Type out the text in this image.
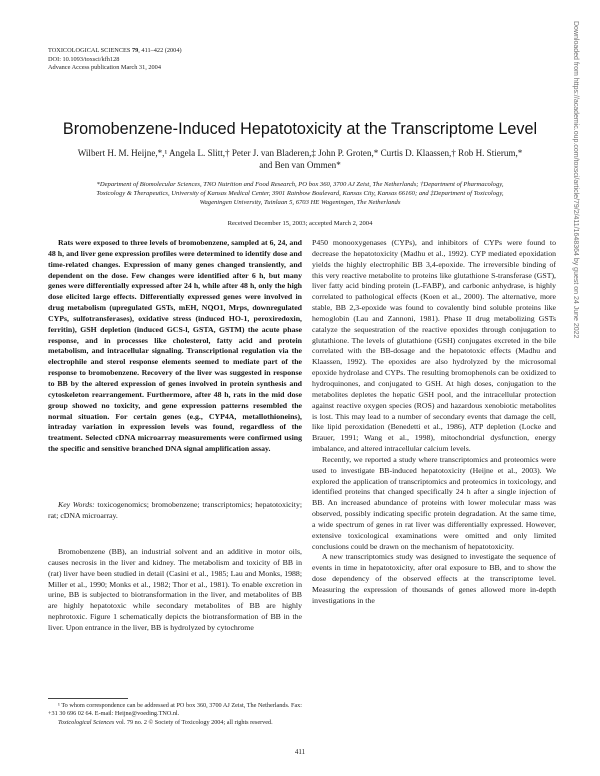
TOXICOLOGICAL SCIENCES 79, 411–422 (2004)
DOI: 10.1093/toxsci/kfh128
Advance Access publication March 31, 2004
Bromobenzene-Induced Hepatotoxicity at the Transcriptome Level
Wilbert H. M. Heijne,*,¹ Angela L. Slitt,† Peter J. van Bladeren,‡ John P. Groten,* Curtis D. Klaassen,† Rob H. Stierum,*
and Ben van Ommen*
*Department of Biomolecular Sciences, TNO Nutrition and Food Research, PO box 360, 3700 AJ Zeist, The Netherlands; †Department of Pharmacology,
Toxicology & Therapeutics, University of Kansas Medical Center, 3901 Rainbow Boulevard, Kansas City, Kansas 66160; and ‡Department of Toxicology,
Wageningen University, Tuinlaan 5, 6703 HE Wageningen, The Netherlands
Received December 15, 2003; accepted March 2, 2004

Rats were exposed to three levels of bromobenzene, sampled at 6, 24, and 48 h, and liver gene expression profiles were determined to identify dose and time-related changes. Expression of many genes changed transiently, and dependent on the dose. Few changes were identified after 6 h, but many genes were differentially expressed after 24 h, while after 48 h, only the high dose elicited large effects. Differentially expressed genes were involved in drug metabolism (upregulated GSTs, mEH, NQO1, Mrps, downregulated CYPs, sulfotransferases), oxidative stress (induced HO-1, peroxiredoxin, ferritin), GSH depletion (induced GCS-l, GSTA, GSTM) the acute phase response, and in processes like cholesterol, fatty acid and protein metabolism, and intracellular signaling. Transcriptional regulation via the electrophile and sterol response elements seemed to mediate part of the response to bromobenzene. Recovery of the liver was suggested in response to BB by the altered expression of genes involved in protein synthesis and cytoskeleton rearrangement. Furthermore, after 48 h, rats in the mid dose group showed no toxicity, and gene expression patterns resembled the normal situation. For certain genes (e.g., CYP4A, metallothioneins), intraday variation in expression levels was found, regardless of the treatment. Selected cDNA microarray measurements were confirmed using the specific and sensitive branched DNA signal amplification assay.

Key Words: toxicogenomics; bromobenzene; transcriptomics; hepatotoxicity; rat; cDNA microarray.

Bromobenzene (BB), an industrial solvent and an additive in motor oils, causes necrosis in the liver and kidney. The metabolism and toxicity of BB in (rat) liver have been studied in detail (Casini et al., 1985; Lau and Monks, 1988; Miller et al., 1990; Monks et al., 1982; Thor et al., 1981). To enable excretion in urine, BB is subjected to biotransformation in the liver, and metabolites of BB are highly hepatotoxic while secondary metabolites of BB are highly nephrotoxic. Figure 1 schematically depicts the biotransformation of BB in the liver. Upon entrance in the liver, BB is hydrolyzed by cytochrome

¹ To whom correspondence can be addressed at PO box 360, 3700 AJ Zeist, The Netherlands. Fax: +31 30 696 02 64. E-mail: Heijne@voeding.TNO.nl.

Toxicological Sciences vol. 79 no. 2 © Society of Toxicology 2004; all rights reserved.

P450 monooxygenases (CYPs), and inhibitors of CYPs were found to decrease the hepatotoxicity (Madhu et al., 1992). CYP mediated epoxidation yields the highly electrophilic BB 3,4-epoxide. The irreversible binding of this very reactive metabolite to proteins like glutathione S-transferase (GST), liver fatty acid binding protein (L-FABP), and carbonic anhydrase, is highly correlated to pathological effects (Koen et al., 2000). The alternative, more stable, BB 2,3-epoxide was found to covalently bind soluble proteins like hemoglobin (Lau and Zannoni, 1981). Phase II drug metabolizing GSTs catalyze the sequestration of the reactive epoxides through conjugation to glutathione. The levels of glutathione (GSH) conjugates excreted in the bile correlated with the BB-dosage and the hepatotoxic effects (Madhu and Klaassen, 1992). The epoxides are also hydrolyzed by the microsomal epoxide hydrolase and CYPs. The resulting bromophenols can be oxidized to hydroquinones, and conjugated to GSH. At high doses, conjugation to the metabolites depletes the hepatic GSH pool, and the intracellular protection against reactive oxygen species (ROS) and hazardous xenobiotic metabolites is lost. This may lead to a number of secondary events that damage the cell, like lipid peroxidation (Benedetti et al., 1986), ATP depletion (Locke and Brauer, 1991; Wang et al., 1998), mitochondrial dysfunction, energy imbalance, and altered intracellular calcium levels.

Recently, we reported a study where transcriptomics and proteomics were used to investigate BB-induced hepatotoxicity (Heijne et al., 2003). We explored the application of transcriptomics and proteomics in toxicology, and identified proteins that changed specifically 24 h after a single injection of BB. An increased abundance of proteins with lower molecular mass was observed, possibly indicating specific protein degradation. At the same time, a wide spectrum of genes in rat liver was differentially expressed. However, extensive toxicological examinations were omitted and only limited conclusions could be drawn on the mechanism of hepatotoxicity.

A new transcriptomics study was designed to investigate the sequence of events in time in hepatotoxicity, after oral exposure to BB, and to show the dose dependency of the observed effects at the transcriptome level. Measuring the expression of thousands of genes allowed more in-depth investigations in the

411
Downloaded from https://academic.oup.com/toxsci/article/79/2/411/1648364 by guest on 24 June 2022
